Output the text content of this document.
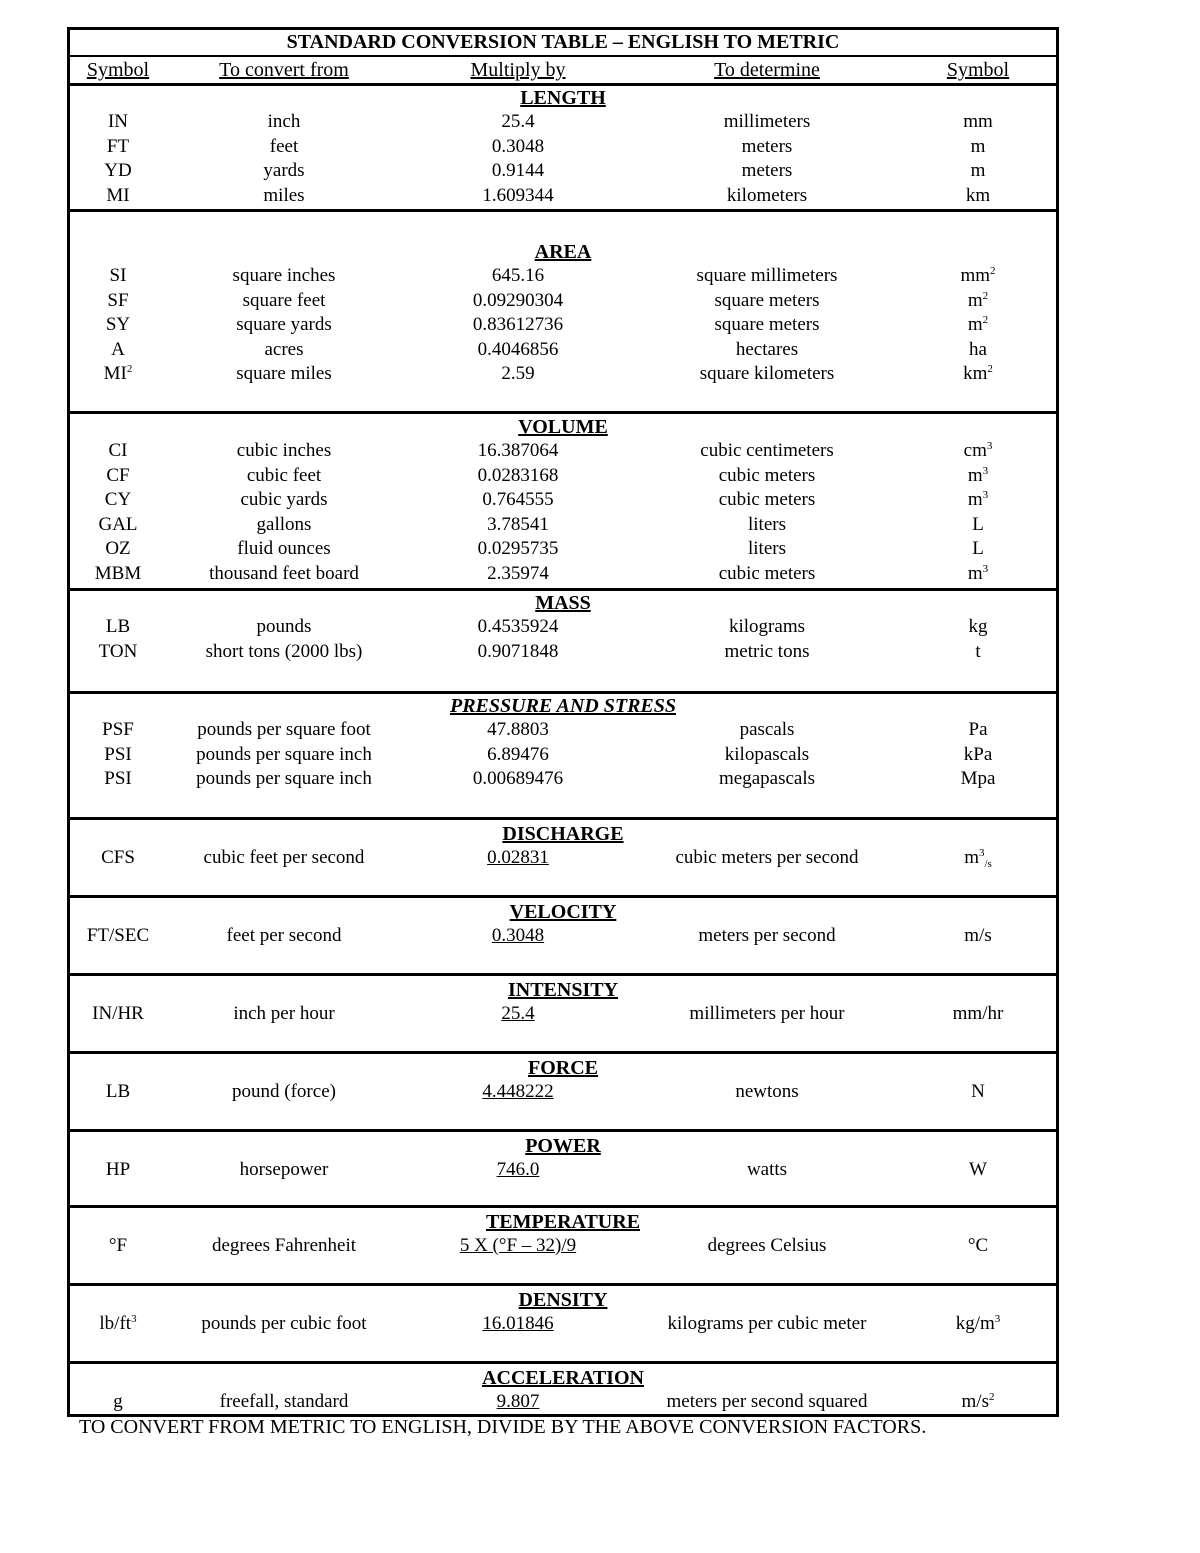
STANDARD CONVERSION TABLE – ENGLISH TO METRIC
Symbol	To convert from	Multiply by	To determine	Symbol
LENGTH
IN	inch	25.4	millimeters	mm
FT	feet	0.3048	meters	m
YD	yards	0.9144	meters	m
MI	miles	1.609344	kilometers	km
AREA
SI	square inches	645.16	square millimeters	$mm^2$
SF	square feet	0.09290304	square meters	$m^2$
SY	square yards	0.83612736	square meters	$m^2$
A	acres	0.4046856	hectares	ha
$MI^2$	square miles	2.59	square kilometers	$km^2$
VOLUME
CI	cubic inches	16.387064	cubic centimeters	$cm^3$
CF	cubic feet	0.0283168	cubic meters	$m^3$
CY	cubic yards	0.764555	cubic meters	$m^3$
GAL	gallons	3.78541	liters	L
OZ	fluid ounces	0.0295735	liters	L
MBM	thousand feet board	2.35974	cubic meters	$m^3$
MASS
LB	pounds	0.4535924	kilograms	kg
TON	short tons (2000 lbs)	0.9071848	metric tons	t
PRESSURE AND STRESS
PSF	pounds per square foot	47.8803	pascals	Pa
PSI	pounds per square inch	6.89476	kilopascals	kPa
PSI	pounds per square inch	0.00689476	megapascals	Mpa
DISCHARGE
CFS	cubic feet per second	0.02831	cubic meters per second	$m^3_{/s}$
VELOCITY
FT/SEC	feet per second	0.3048	meters per second	m/s
INTENSITY
IN/HR	inch per hour	25.4	millimeters per hour	mm/hr
FORCE
LB	pound (force)	4.448222	newtons	N
POWER
HP	horsepower	746.0	watts	W
TEMPERATURE
°F	degrees Fahrenheit	5 X (°F – 32)/9	degrees Celsius	°C
DENSITY
$lb/ft^3$	pounds per cubic foot	16.01846	kilograms per cubic meter	$kg/m^3$
ACCELERATION
g	freefall, standard	9.807	meters per second squared	$m/s^2$
TO CONVERT FROM METRIC TO ENGLISH, DIVIDE BY THE ABOVE CONVERSION FACTORS.
